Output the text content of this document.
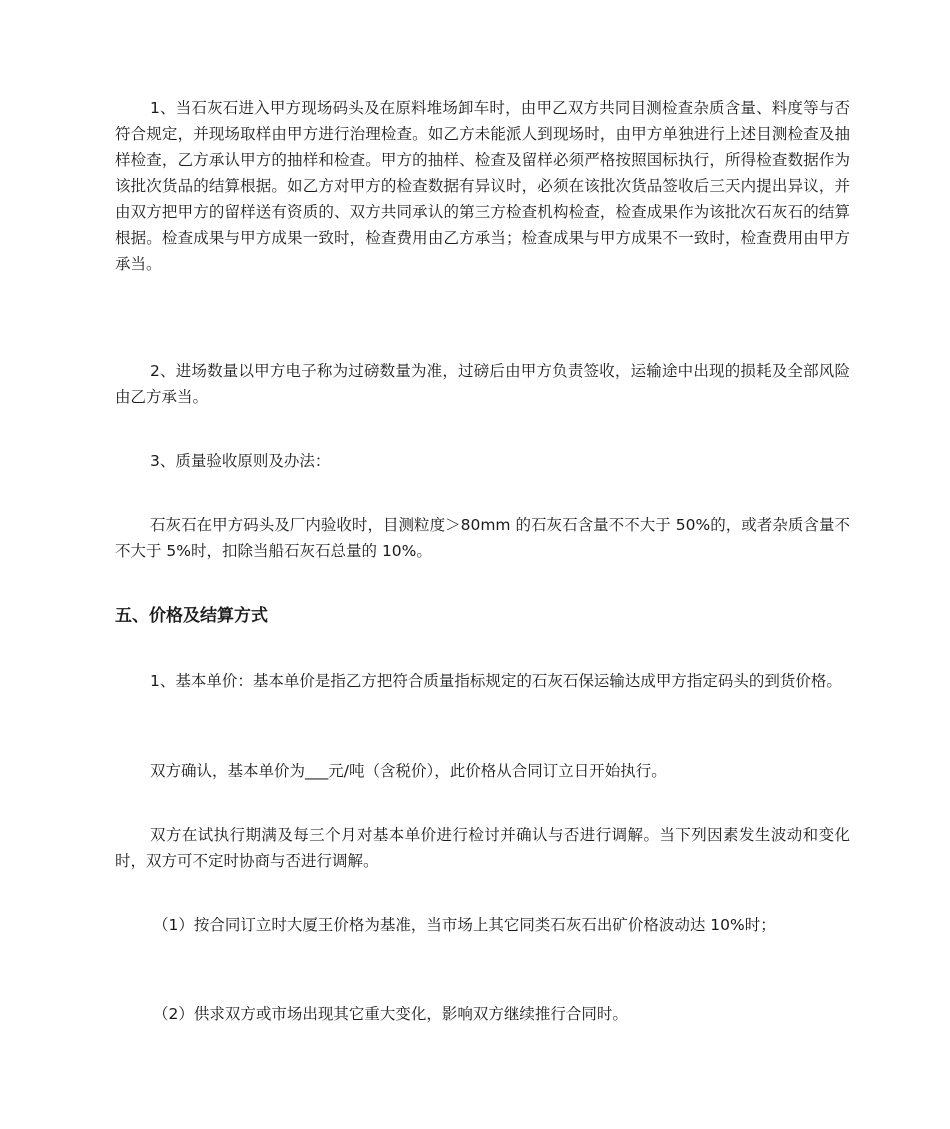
1、当石灰石进入甲方现场码头及在原料堆场卸车时，由甲乙双方共同目测检查杂质含量、料度等与否符合规定，并现场取样由甲方进行治理检查。如乙方未能派人到现场时，由甲方单独进行上述目测检查及抽样检查，乙方承认甲方的抽样和检查。甲方的抽样、检查及留样必须严格按照国标执行，所得检查数据作为该批次货品的结算根据。如乙方对甲方的检查数据有异议时，必须在该批次货品签收后三天内提出异议，并由双方把甲方的留样送有资质的、双方共同承认的第三方检查机构检查，检查成果作为该批次石灰石的结算根据。检查成果与甲方成果一致时，检查费用由乙方承当；检查成果与甲方成果不一致时，检查费用由甲方承当。

2、进场数量以甲方电子称为过磅数量为准，过磅后由甲方负责签收，运输途中出现的损耗及全部风险由乙方承当。

3、质量验收原则及办法：

石灰石在甲方码头及厂内验收时，目测粒度＞80mm 的石灰石含量不不大于 50%的，或者杂质含量不不大于 5%时，扣除当船石灰石总量的 10%。

五、价格及结算方式

1、基本单价：基本单价是指乙方把符合质量指标规定的石灰石保运输达成甲方指定码头的到货价格。

双方确认，基本单价为___元/吨（含税价），此价格从合同订立日开始执行。

双方在试执行期满及每三个月对基本单价进行检讨并确认与否进行调解。当下列因素发生波动和变化时，双方可不定时协商与否进行调解。

（1）按合同订立时大厦王价格为基准，当市场上其它同类石灰石出矿价格波动达 10%时；

（2）供求双方或市场出现其它重大变化，影响双方继续推行合同时。
